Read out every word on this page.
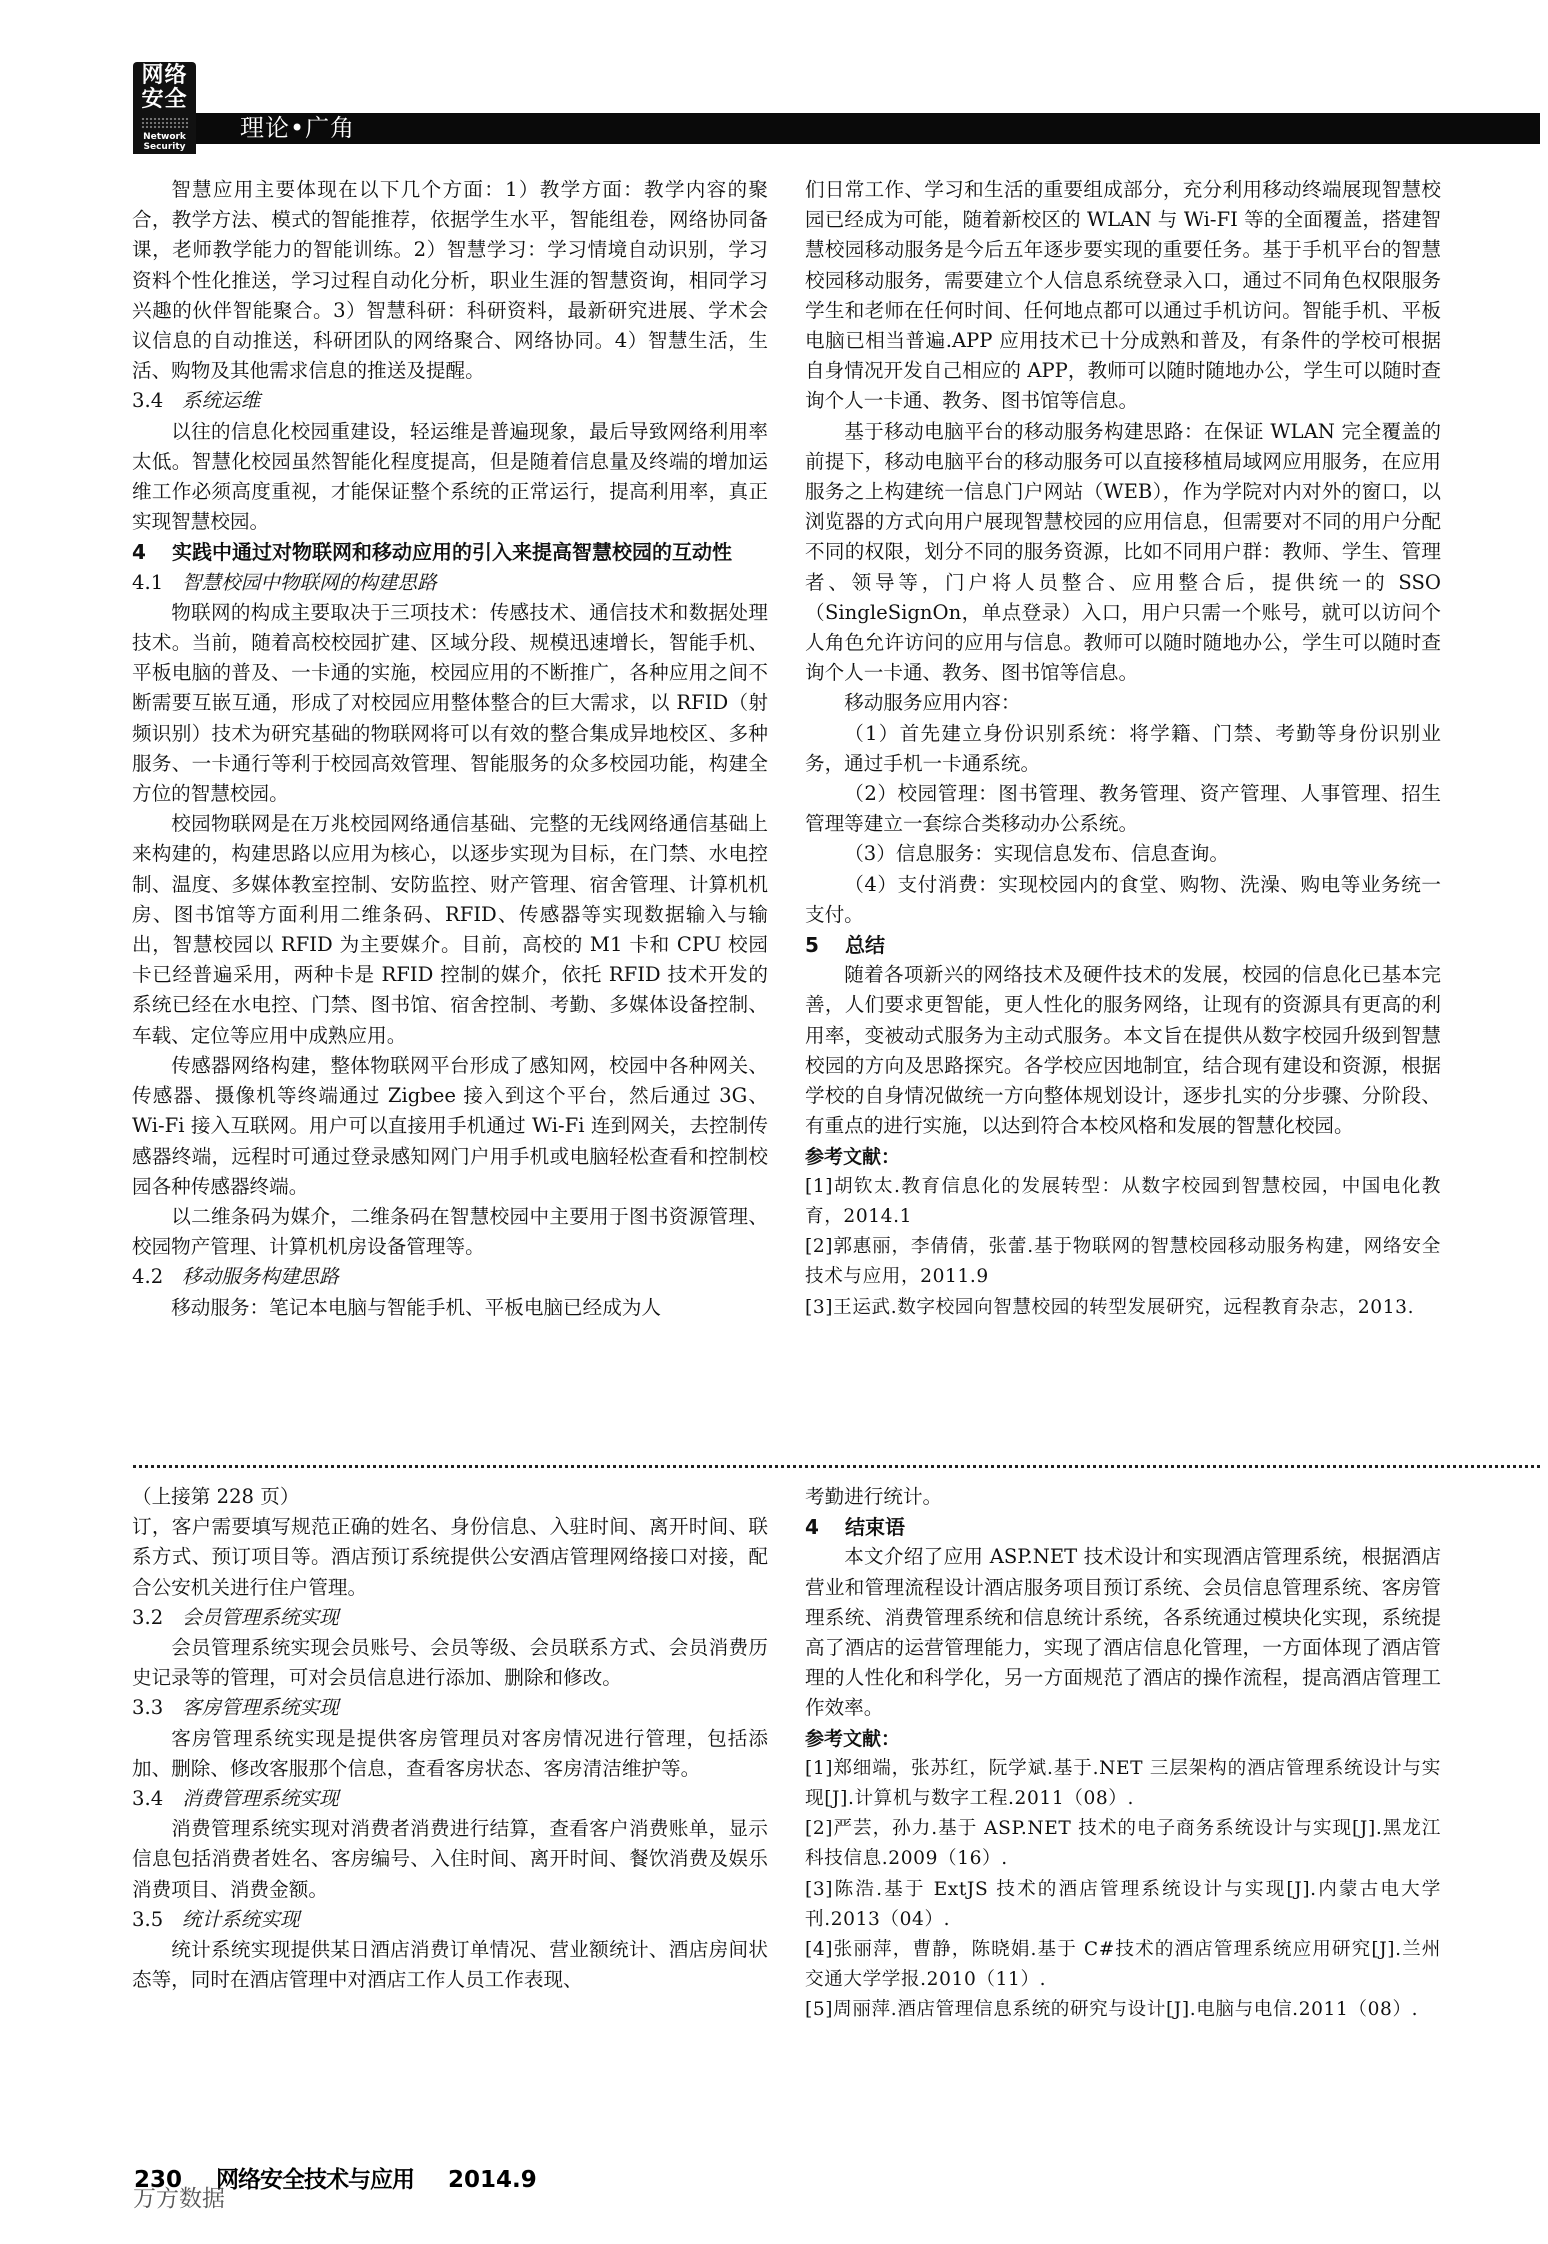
网络
安全
Network
Security
理论•广角

智慧应用主要体现在以下几个方面：1）教学方面：教学内容的聚合，教学方法、模式的智能推荐，依据学生水平，智能组卷，网络协同备课，老师教学能力的智能训练。2）智慧学习：学习情境自动识别，学习资料个性化推送，学习过程自动化分析，职业生涯的智慧资询，相同学习兴趣的伙伴智能聚合。3）智慧科研：科研资料，最新研究进展、学术会议信息的自动推送，科研团队的网络聚合、网络协同。4）智慧生活，生活、购物及其他需求信息的推送及提醒。

3.4 系统运维

以往的信息化校园重建设，轻运维是普遍现象，最后导致网络利用率太低。智慧化校园虽然智能化程度提高，但是随着信息量及终端的增加运维工作必须高度重视，才能保证整个系统的正常运行，提高利用率，真正实现智慧校园。

4 实践中通过对物联网和移动应用的引入来提高智慧校园的互动性

4.1 智慧校园中物联网的构建思路

物联网的构成主要取决于三项技术：传感技术、通信技术和数据处理技术。当前，随着高校校园扩建、区域分段、规模迅速增长，智能手机、平板电脑的普及、一卡通的实施，校园应用的不断推广，各种应用之间不断需要互嵌互通，形成了对校园应用整体整合的巨大需求，以 RFID（射频识别）技术为研究基础的物联网将可以有效的整合集成异地校区、多种服务、一卡通行等利于校园高效管理、智能服务的众多校园功能，构建全方位的智慧校园。

校园物联网是在万兆校园网络通信基础、完整的无线网络通信基础上来构建的，构建思路以应用为核心，以逐步实现为目标，在门禁、水电控制、温度、多媒体教室控制、安防监控、财产管理、宿舍管理、计算机机房、图书馆等方面利用二维条码、RFID、传感器等实现数据输入与输出，智慧校园以 RFID 为主要媒介。目前，高校的 M1 卡和 CPU 校园卡已经普遍采用，两种卡是 RFID 控制的媒介，依托 RFID 技术开发的系统已经在水电控、门禁、图书馆、宿舍控制、考勤、多媒体设备控制、车载、定位等应用中成熟应用。

传感器网络构建，整体物联网平台形成了感知网，校园中各种网关、传感器、摄像机等终端通过 Zigbee 接入到这个平台，然后通过 3G、Wi-Fi 接入互联网。用户可以直接用手机通过 Wi-Fi 连到网关，去控制传感器终端，远程时可通过登录感知网门户用手机或电脑轻松查看和控制校园各种传感器终端。

以二维条码为媒介，二维条码在智慧校园中主要用于图书资源管理、校园物产管理、计算机机房设备管理等。

4.2 移动服务构建思路

移动服务：笔记本电脑与智能手机、平板电脑已经成为人

们日常工作、学习和生活的重要组成部分，充分利用移动终端展现智慧校园已经成为可能，随着新校区的 WLAN 与 Wi-FI 等的全面覆盖，搭建智慧校园移动服务是今后五年逐步要实现的重要任务。基于手机平台的智慧校园移动服务，需要建立个人信息系统登录入口，通过不同角色权限服务学生和老师在任何时间、任何地点都可以通过手机访问。智能手机、平板电脑已相当普遍.APP 应用技术已十分成熟和普及，有条件的学校可根据自身情况开发自己相应的 APP，教师可以随时随地办公，学生可以随时查询个人一卡通、教务、图书馆等信息。

基于移动电脑平台的移动服务构建思路：在保证 WLAN 完全覆盖的前提下，移动电脑平台的移动服务可以直接移植局域网应用服务，在应用服务之上构建统一信息门户网站（WEB），作为学院对内对外的窗口，以浏览器的方式向用户展现智慧校园的应用信息，但需要对不同的用户分配不同的权限，划分不同的服务资源，比如不同用户群：教师、学生、管理者、领导等，门户将人员整合、应用整合后，提供统一的 SSO（SingleSignOn，单点登录）入口，用户只需一个账号，就可以访问个人角色允许访问的应用与信息。教师可以随时随地办公，学生可以随时查询个人一卡通、教务、图书馆等信息。

移动服务应用内容：

（1）首先建立身份识别系统：将学籍、门禁、考勤等身份识别业务，通过手机一卡通系统。

（2）校园管理：图书管理、教务管理、资产管理、人事管理、招生管理等建立一套综合类移动办公系统。

（3）信息服务：实现信息发布、信息查询。

（4）支付消费：实现校园内的食堂、购物、洗澡、购电等业务统一支付。

5 总结

随着各项新兴的网络技术及硬件技术的发展，校园的信息化已基本完善，人们要求更智能，更人性化的服务网络，让现有的资源具有更高的利用率，变被动式服务为主动式服务。本文旨在提供从数字校园升级到智慧校园的方向及思路探究。各学校应因地制宜，结合现有建设和资源，根据学校的自身情况做统一方向整体规划设计，逐步扎实的分步骤、分阶段、有重点的进行实施，以达到符合本校风格和发展的智慧化校园。

参考文献：

[1]胡钦太.教育信息化的发展转型：从数字校园到智慧校园，中国电化教育，2014.1

[2]郭惠丽，李倩倩，张蕾.基于物联网的智慧校园移动服务构建，网络安全技术与应用，2011.9

[3]王运武.数字校园向智慧校园的转型发展研究，远程教育杂志，2013.

（上接第 228 页）

订，客户需要填写规范正确的姓名、身份信息、入驻时间、离开时间、联系方式、预订项目等。酒店预订系统提供公安酒店管理网络接口对接，配合公安机关进行住户管理。

3.2 会员管理系统实现

会员管理系统实现会员账号、会员等级、会员联系方式、会员消费历史记录等的管理，可对会员信息进行添加、删除和修改。

3.3 客房管理系统实现

客房管理系统实现是提供客房管理员对客房情况进行管理，包括添加、删除、修改客服那个信息，查看客房状态、客房清洁维护等。

3.4 消费管理系统实现

消费管理系统实现对消费者消费进行结算，查看客户消费账单，显示信息包括消费者姓名、客房编号、入住时间、离开时间、餐饮消费及娱乐消费项目、消费金额。

3.5 统计系统实现

统计系统实现提供某日酒店消费订单情况、营业额统计、酒店房间状态等，同时在酒店管理中对酒店工作人员工作表现、

考勤进行统计。

4 结束语

本文介绍了应用 ASP.NET 技术设计和实现酒店管理系统，根据酒店营业和管理流程设计酒店服务项目预订系统、会员信息管理系统、客房管理系统、消费管理系统和信息统计系统，各系统通过模块化实现，系统提高了酒店的运营管理能力，实现了酒店信息化管理，一方面体现了酒店管理的人性化和科学化，另一方面规范了酒店的操作流程，提高酒店管理工作效率。

参考文献：

[1]郑细端，张苏红，阮学斌.基于.NET 三层架构的酒店管理系统设计与实现[J].计算机与数字工程.2011（08）.

[2]严芸，孙力.基于 ASP.NET 技术的电子商务系统设计与实现[J].黑龙江科技信息.2009（16）.

[3]陈浩.基于 ExtJS 技术的酒店管理系统设计与实现[J].内蒙古电大学刊.2013（04）.

[4]张丽萍，曹静，陈晓娟.基于 C#技术的酒店管理系统应用研究[J].兰州交通大学学报.2010（11）.

[5]周丽萍.酒店管理信息系统的研究与设计[J].电脑与电信.2011（08）.

230 网络安全技术与应用 2014.9
万方数据
